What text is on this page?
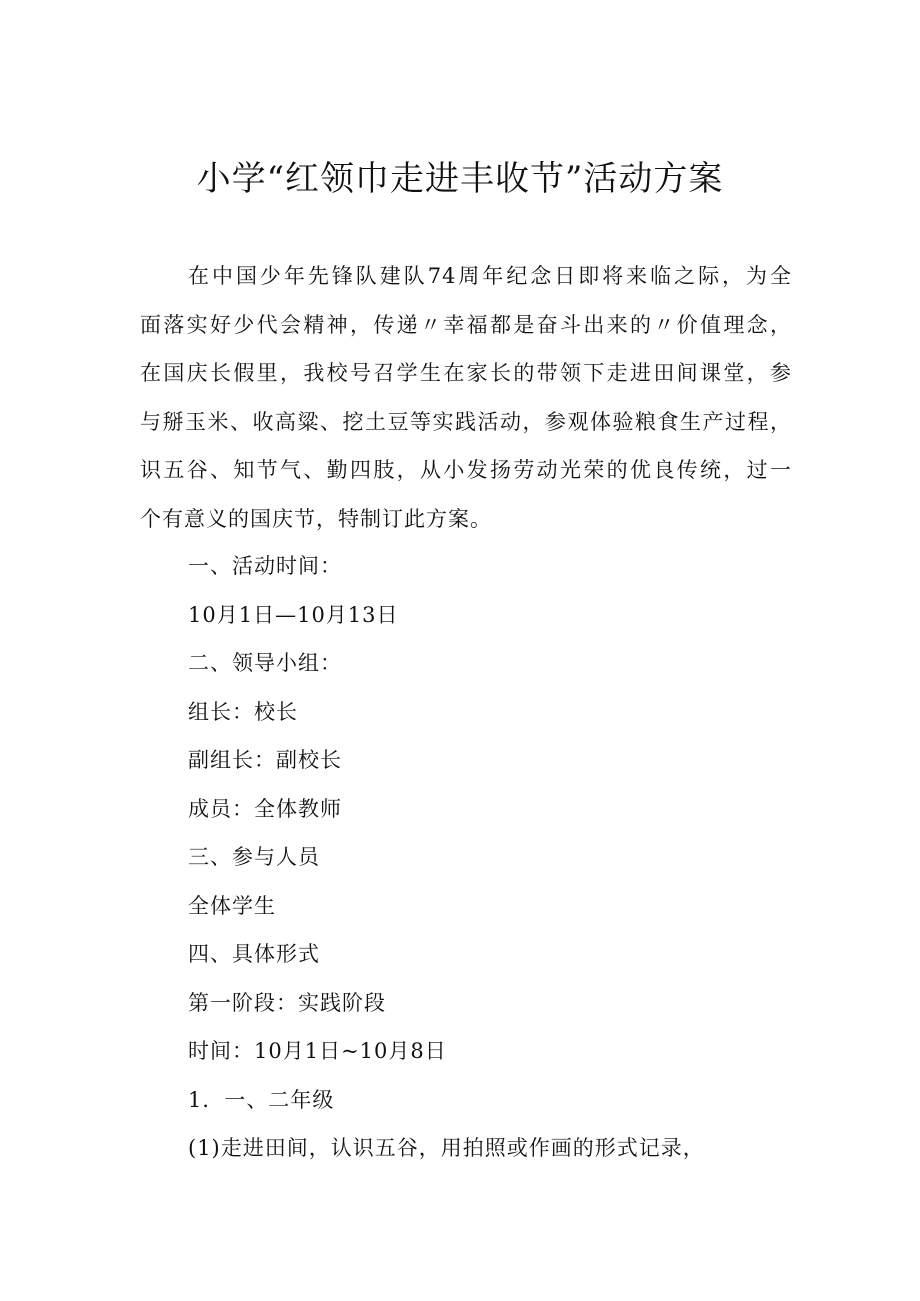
小学“红领巾走进丰收节”活动方案
在中国少年先锋队建队74周年纪念日即将来临之际，为全
面落实好少代会精神，传递〃幸福都是奋斗出来的〃价值理念，
在国庆长假里，我校号召学生在家长的带领下走进田间课堂，参
与掰玉米、收高粱、挖土豆等实践活动，参观体验粮食生产过程，
识五谷、知节气、勤四肢，从小发扬劳动光荣的优良传统，过一
个有意义的国庆节，特制订此方案。
一、活动时间：
10月1日—10月13日
二、领导小组：
组长：校长
副组长：副校长
成员：全体教师
三、参与人员
全体学生
四、具体形式
第一阶段：实践阶段
时间：10月1日~10月8日
1．一、二年级
(1)走进田间，认识五谷，用拍照或作画的形式记录，
